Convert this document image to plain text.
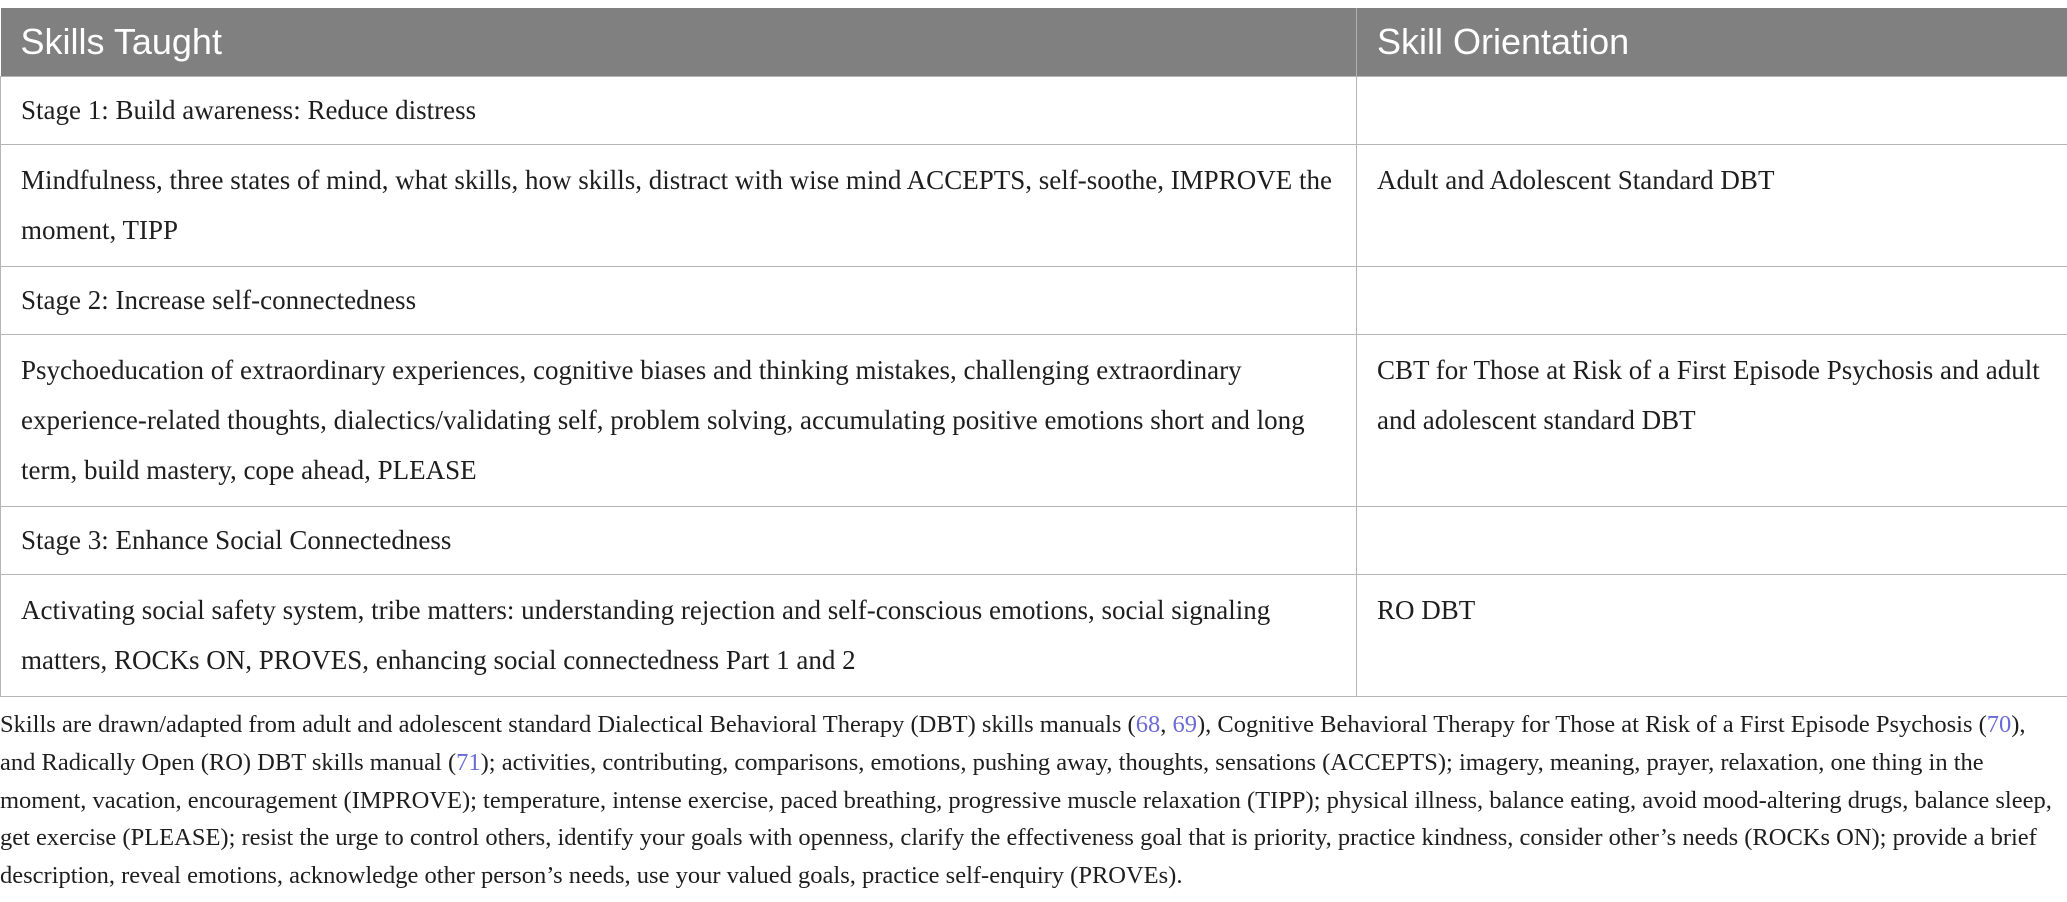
Skills Taught	Skill Orientation
Stage 1: Build awareness: Reduce distress	
Mindfulness, three states of mind, what skills, how skills, distract with wise mind ACCEPTS, self-soothe, IMPROVE the moment, TIPP	Adult and Adolescent Standard DBT
Stage 2: Increase self-connectedness	
Psychoeducation of extraordinary experiences, cognitive biases and thinking mistakes, challenging extraordinary experience-related thoughts, dialectics/validating self, problem solving, accumulating positive emotions short and long term, build mastery, cope ahead, PLEASE	CBT for Those at Risk of a First Episode Psychosis and adult and adolescent standard DBT
Stage 3: Enhance Social Connectedness	
Activating social safety system, tribe matters: understanding rejection and self-conscious emotions, social signaling matters, ROCKs ON, PROVES, enhancing social connectedness Part 1 and 2	RO DBT

Skills are drawn/adapted from adult and adolescent standard Dialectical Behavioral Therapy (DBT) skills manuals (68, 69), Cognitive Behavioral Therapy for Those at Risk of a First Episode Psychosis (70), and Radically Open (RO) DBT skills manual (71); activities, contributing, comparisons, emotions, pushing away, thoughts, sensations (ACCEPTS); imagery, meaning, prayer, relaxation, one thing in the moment, vacation, encouragement (IMPROVE); temperature, intense exercise, paced breathing, progressive muscle relaxation (TIPP); physical illness, balance eating, avoid mood-altering drugs, balance sleep, get exercise (PLEASE); resist the urge to control others, identify your goals with openness, clarify the effectiveness goal that is priority, practice kindness, consider other’s needs (ROCKs ON); provide a brief description, reveal emotions, acknowledge other person’s needs, use your valued goals, practice self-enquiry (PROVEs).
